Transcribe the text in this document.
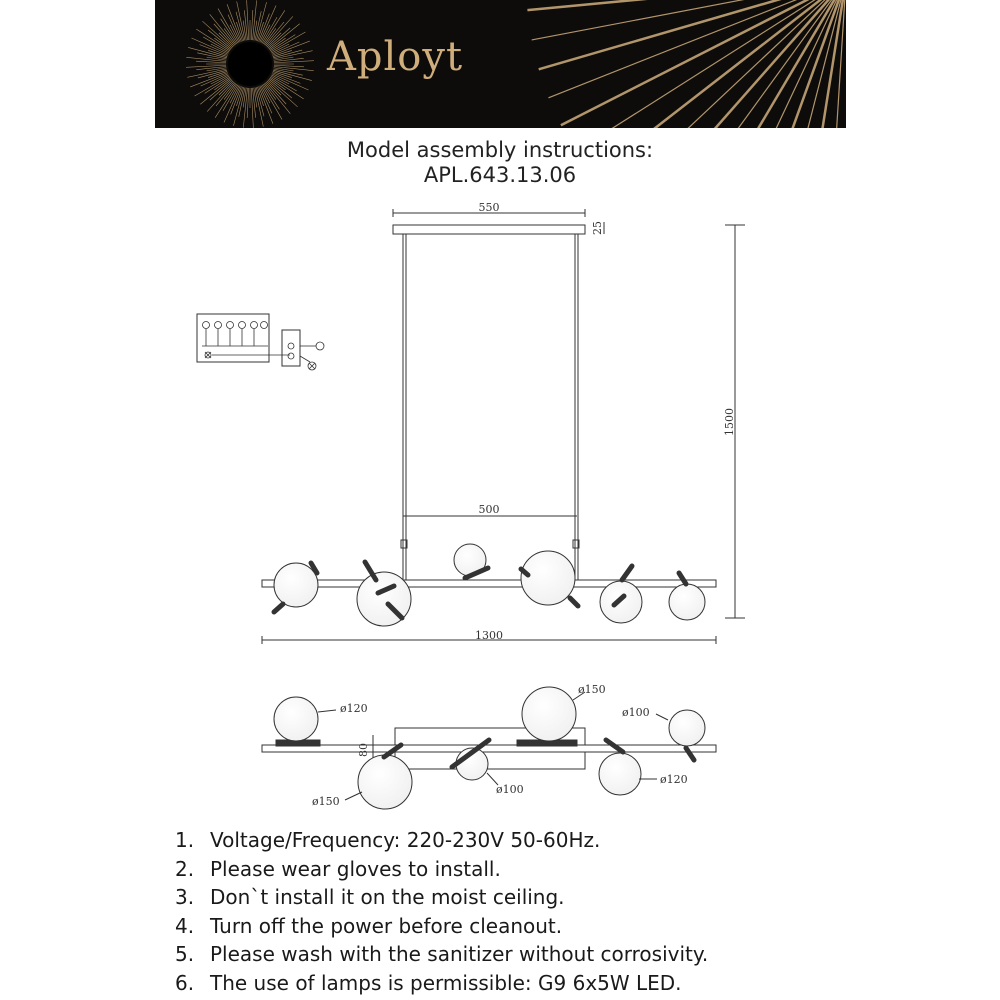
Aployt
Model assembly instructions:
APL.643.13.06
550
25
1500
500
1300
80
ø120
ø150
ø100
ø100
ø120
ø150
1. Voltage/Frequency: 220-230V 50-60Hz.
2. Please wear gloves to install.
3. Don`t install it on the moist ceiling.
4. Turn off the power before cleanout.
5. Please wash with the sanitizer without corrosivity.
6. The use of lamps is permissible: G9 6x5W LED.
